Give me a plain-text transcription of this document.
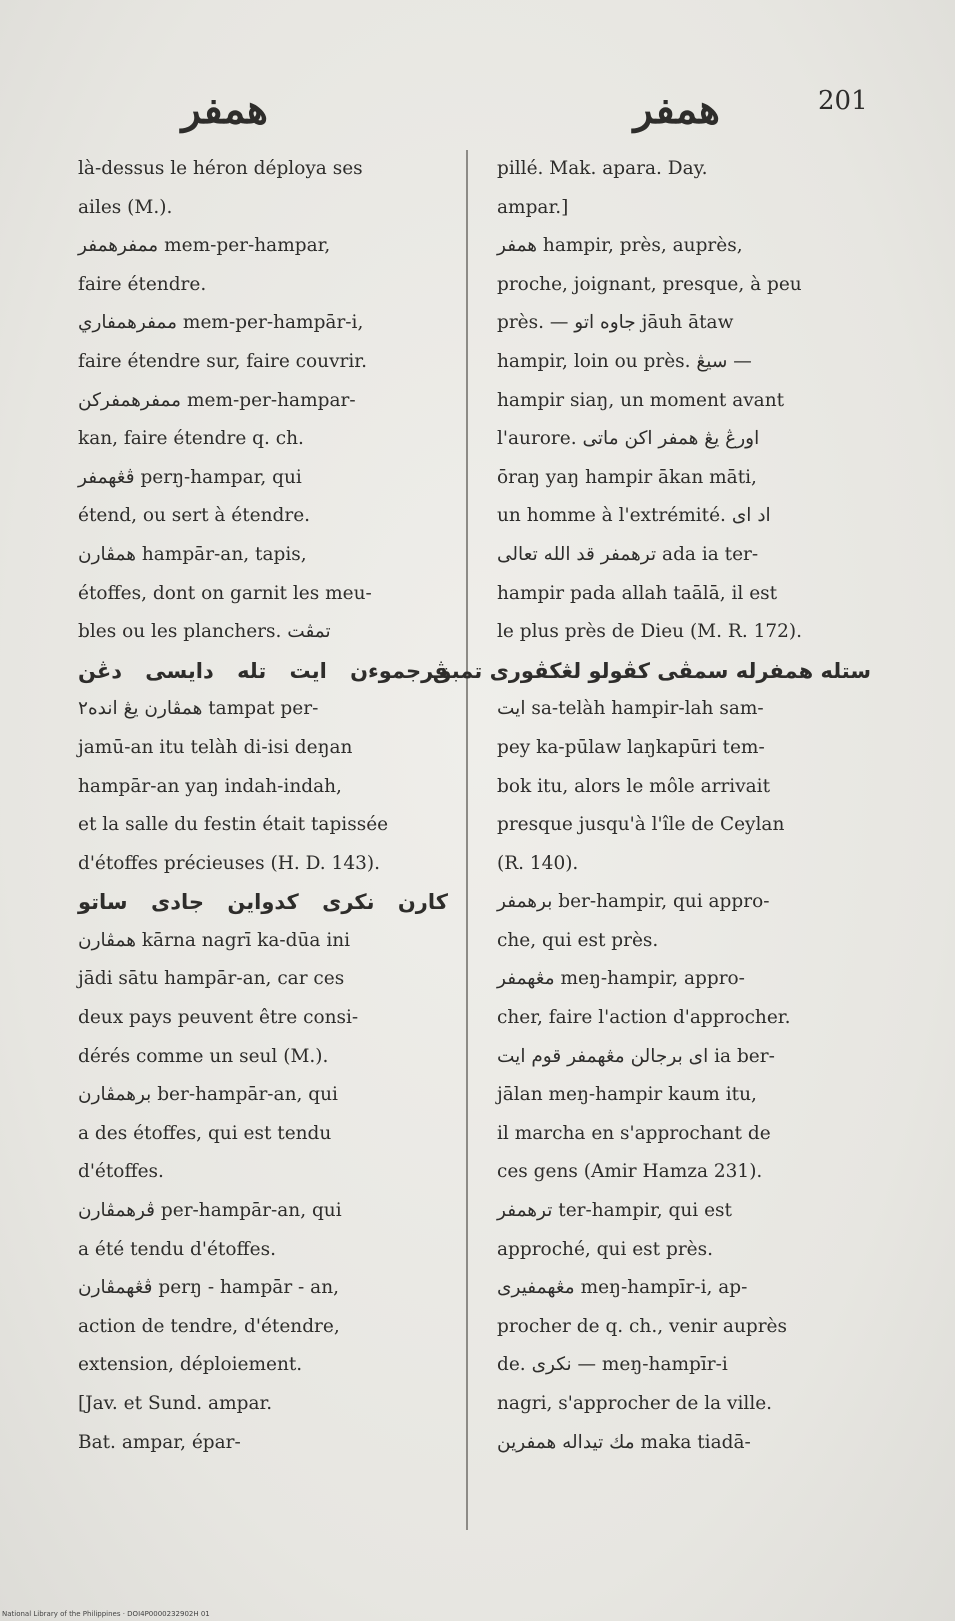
همفر	همفر	201
là-dessus le héron déploya ses
ailes (M.).
ممفرهمفر mem-per-hampar,
faire étendre.
ممفرهمفاري mem-per-hampār-i,
faire étendre sur, faire couvrir.
ممفرهمفركن mem-per-hampar-
kan, faire étendre q. ch.
ڤڠهمفر perŋ-hampar, qui
étend, ou sert à étendre.
همڤارن hampār-an, tapis,
étoffes, dont on garnit les meu-
bles ou les planchers. تمڤت
ڤرجموءن ايت تله دايسى دڠن
همڤارن يڠ انده٢ tampat per-
jamū-an itu telàh di-isi deŋan
hampār-an yaŋ indah-indah,
et la salle du festin était tapissée
d'étoffes précieuses (H. D. 143).
كارن نكرى كدواين جادى ساتو
همڤارن kārna nagrī ka-dūa ini
jādi sātu hampār-an, car ces
deux pays peuvent être consi-
dérés comme un seul (M.).
برهمڤارن ber-hampār-an, qui
a des étoffes, qui est tendu
d'étoffes.
ڤرهمڤارن per-hampār-an, qui
a été tendu d'étoffes.
ڤڠهمڤارن perŋ - hampār - an,
action de tendre, d'étendre,
extension, déploiement.
[Jav. et Sund. ampar.
Bat. ampar, épar-
pillé. Mak. apara. Day.
ampar.]
همفر hampir, près, auprès,
proche, joignant, presque, à peu
près. — جاوه اتو jāuh ātaw
hampir, loin ou près. سيڠ —
hampir siaŋ, un moment avant
l'aurore. اورڠ يڠ همفر اكن ماتى
ōraŋ yaŋ hampir ākan māti,
un homme à l'extrémité. اد اى
ترهمفر قد الله تعالى ada ia ter-
hampir pada allah taālā, il est
le plus près de Dieu (M. R. 172).
ستله همفرله سمڤى كڤولو لڠكڤورى تمبق
ايت sa-telàh hampir-lah sam-
pey ka-pūlaw laŋkapūri tem-
bok itu, alors le môle arrivait
presque jusqu'à l'île de Ceylan
(R. 140).
برهمفر ber-hampir, qui appro-
che, qui est près.
مڠهمفر meŋ-hampir, appro-
cher, faire l'action d'approcher.
اى برجالن مڠهمفر قوم ايت ia ber-
jālan meŋ-hampir kaum itu,
il marcha en s'approchant de
ces gens (Amir Hamza 231).
ترهمفر ter-hampir, qui est
approché, qui est près.
مڠهمفيرى meŋ-hampīr-i, ap-
procher de q. ch., venir auprès
de. نكرى — meŋ-hampīr-i
nagri, s'approcher de la ville.
مك تيداله همفرين maka tiadā-
National Library of the Philippines · DOI4P0000232902H 01
